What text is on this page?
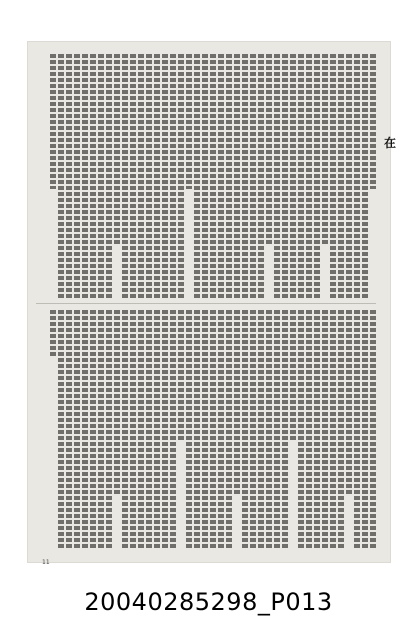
在
11
20040285298_P013
